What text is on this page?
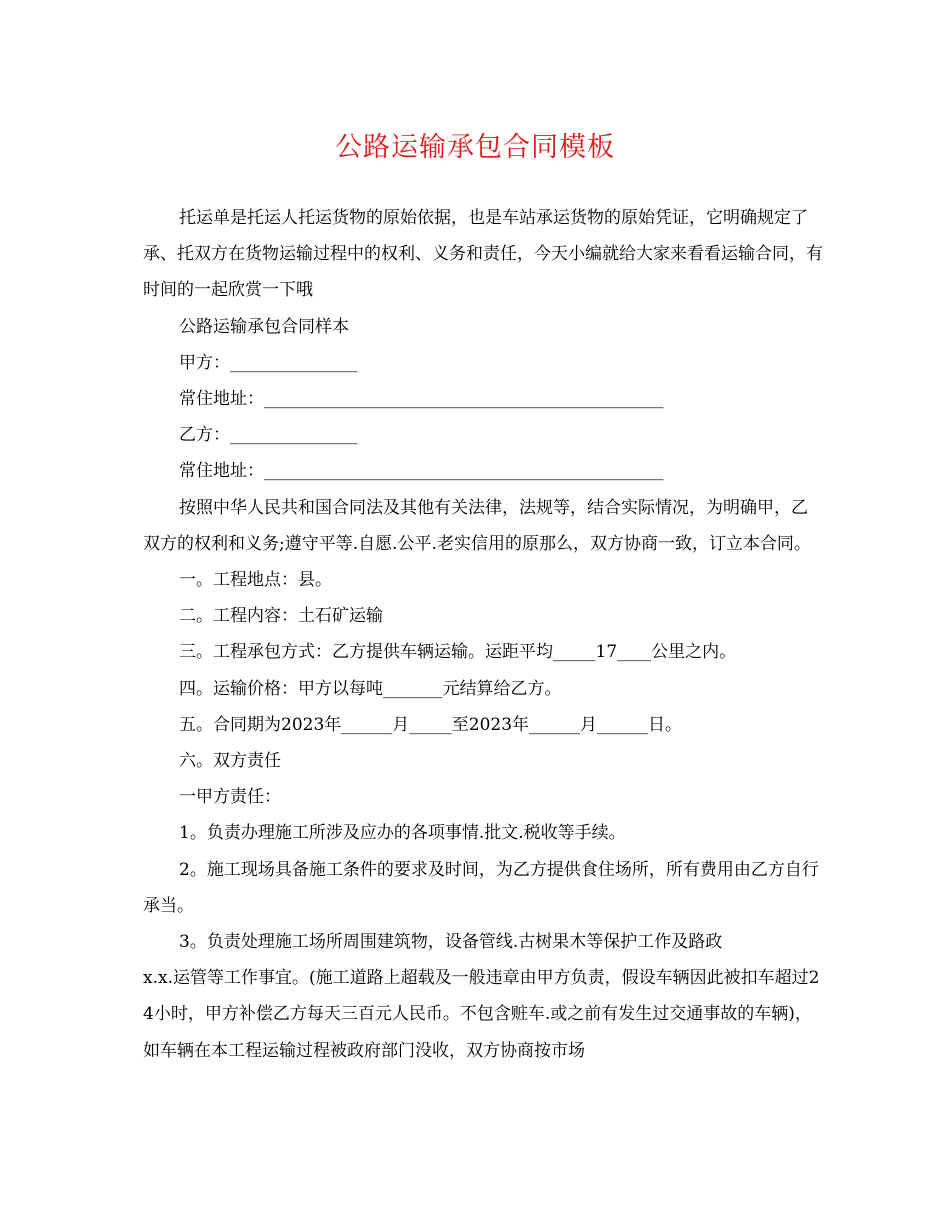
公路运输承包合同模板

托运单是托运人托运货物的原始依据，也是车站承运货物的原始凭证，它明确规定了承、托双方在货物运输过程中的权利、义务和责任，今天小编就给大家来看看运输合同，有时间的一起欣赏一下哦

公路运输承包合同样本

甲方：_______________

常住地址：_______________________________________________

乙方：_______________

常住地址：_______________________________________________

按照中华人民共和国合同法及其他有关法律，法规等，结合实际情况，为明确甲，乙双方的权利和义务;遵守平等.自愿.公平.老实信用的原那么，双方协商一致，订立本合同。

一。工程地点：县。

二。工程内容：土石矿运输

三。工程承包方式：乙方提供车辆运输。运距平均_____17____公里之内。

四。运输价格：甲方以每吨_______元结算给乙方。

五。合同期为2023年______月_____至2023年______月______日。

六。双方责任

一甲方责任：

1。负责办理施工所涉及应办的各项事情.批文.税收等手续。

2。施工现场具备施工条件的要求及时间，为乙方提供食住场所，所有费用由乙方自行承当。

3。负责处理施工场所周围建筑物，设备管线.古树果木等保护工作及路政

x.x.运管等工作事宜。(施工道路上超载及一般违章由甲方负责，假设车辆因此被扣车超过24小时，甲方补偿乙方每天三百元人民币。不包含赃车.或之前有发生过交通事故的车辆)，如车辆在本工程运输过程被政府部门没收，双方协商按市场
